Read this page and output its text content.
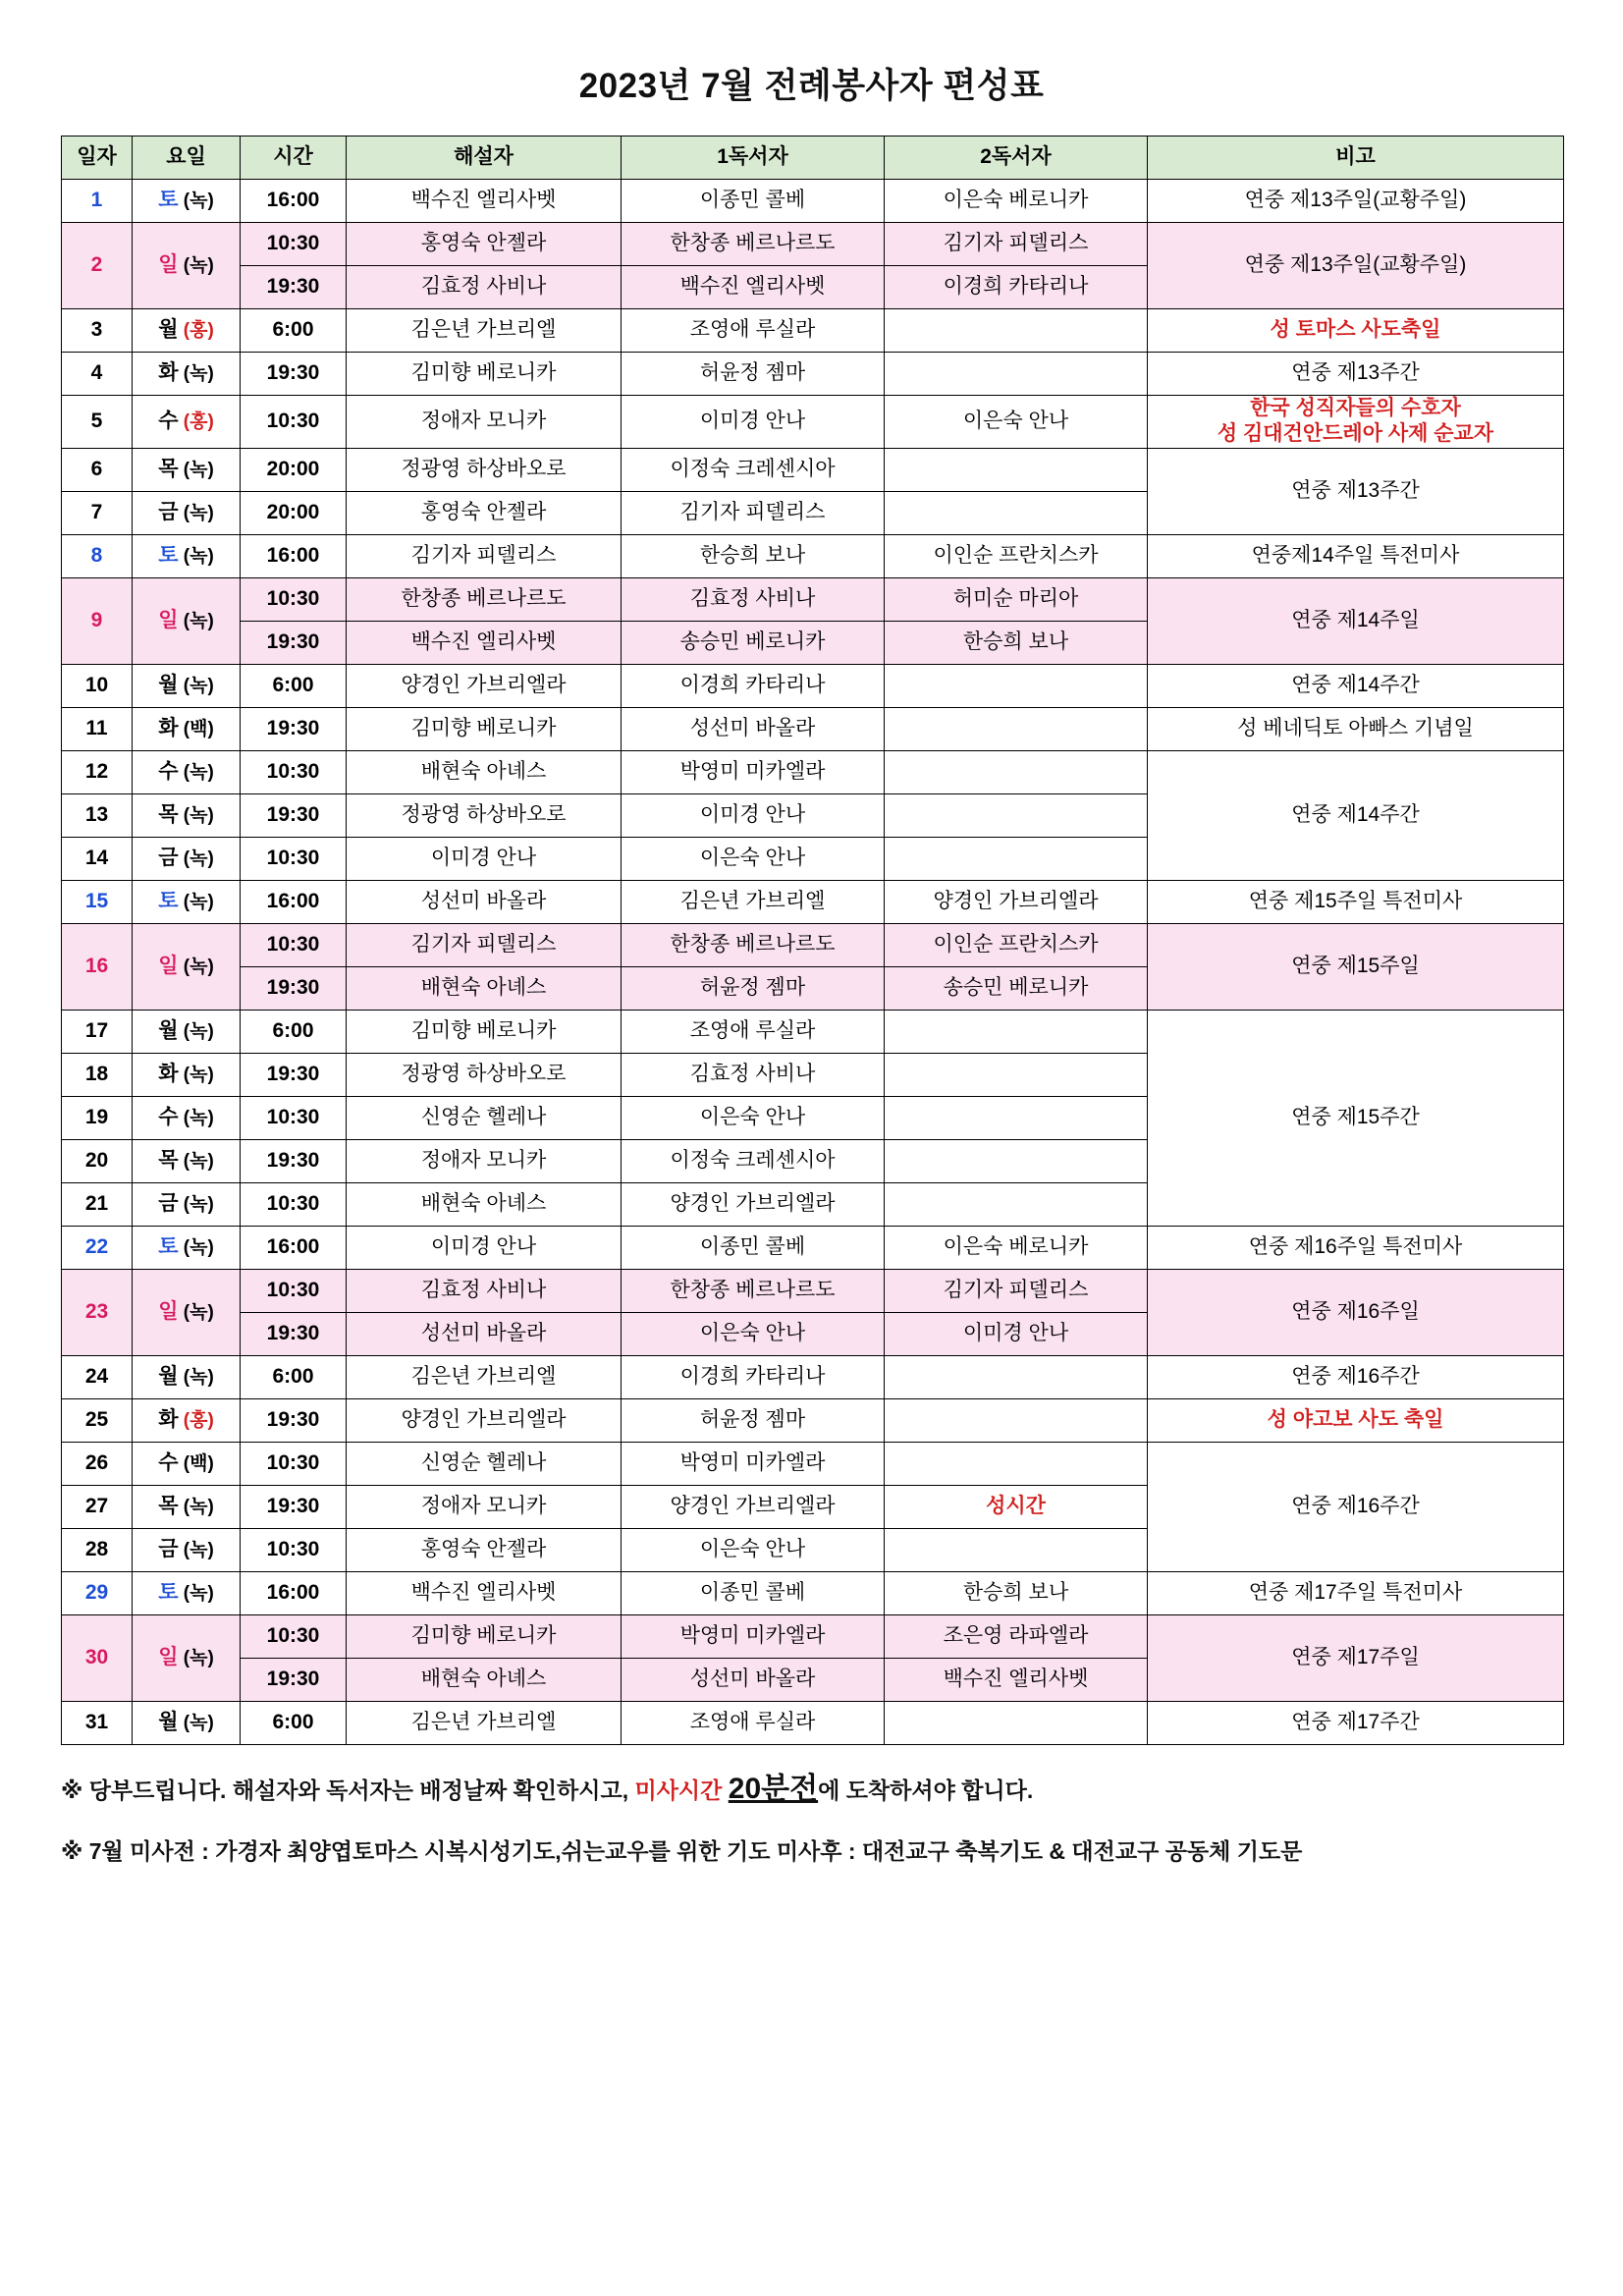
2023년 7월 전례봉사자 편성표
일자	요일	시간	해설자	1독서자	2독서자	비고
1	토 (녹)	16:00	백수진 엘리사벳	이종민 콜베	이은숙 베로니카	연중 제13주일(교황주일)
2	일 (녹)	10:30	홍영숙 안젤라	한창종 베르나르도	김기자 피델리스	연중 제13주일(교황주일)
		19:30	김효정 사비나	백수진 엘리사벳	이경희 카타리나	
3	월 (홍)	6:00	김은년 가브리엘	조영애 루실라		성 토마스 사도축일
4	화 (녹)	19:30	김미향 베로니카	허윤정 젬마		연중 제13주간
5	수 (홍)	10:30	정애자 모니카	이미경 안나	이은숙 안나	한국 성직자들의 수호자
성 김대건안드레아 사제 순교자

6	목 (녹)	20:00	정광영 하상바오로	이정숙 크레센시아		연중 제13주간
7	금 (녹)	20:00	홍영숙 안젤라	김기자 피델리스		
8	토 (녹)	16:00	김기자 피델리스	한승희 보나	이인순 프란치스카	연중제14주일 특전미사
9	일 (녹)	10:30	한창종 베르나르도	김효정 사비나	허미순 마리아	연중 제14주일
		19:30	백수진 엘리사벳	송승민 베로니카	한승희 보나	
10	월 (녹)	6:00	양경인 가브리엘라	이경희 카타리나		연중 제14주간
11	화 (백)	19:30	김미향 베로니카	성선미 바올라		성 베네딕토 아빠스 기념일
12	수 (녹)	10:30	배현숙 아녜스	박영미 미카엘라		연중 제14주간
13	목 (녹)	19:30	정광영 하상바오로	이미경 안나		
14	금 (녹)	10:30	이미경 안나	이은숙 안나		
15	토 (녹)	16:00	성선미 바올라	김은년 가브리엘	양경인 가브리엘라	연중 제15주일 특전미사
16	일 (녹)	10:30	김기자 피델리스	한창종 베르나르도	이인순 프란치스카	연중 제15주일
		19:30	배현숙 아녜스	허윤정 젬마	송승민 베로니카	
17	월 (녹)	6:00	김미향 베로니카	조영애 루실라		연중 제15주간
18	화 (녹)	19:30	정광영 하상바오로	김효정 사비나		
19	수 (녹)	10:30	신영순 헬레나	이은숙 안나		
20	목 (녹)	19:30	정애자 모니카	이정숙 크레센시아		
21	금 (녹)	10:30	배현숙 아녜스	양경인 가브리엘라		
22	토 (녹)	16:00	이미경 안나	이종민 콜베	이은숙 베로니카	연중 제16주일 특전미사
23	일 (녹)	10:30	김효정 사비나	한창종 베르나르도	김기자 피델리스	연중 제16주일
		19:30	성선미 바올라	이은숙 안나	이미경 안나	
24	월 (녹)	6:00	김은년 가브리엘	이경희 카타리나		연중 제16주간
25	화 (홍)	19:30	양경인 가브리엘라	허윤정 젬마		성 야고보 사도 축일
26	수 (백)	10:30	신영순 헬레나	박영미 미카엘라		연중 제16주간
27	목 (녹)	19:30	정애자 모니카	양경인 가브리엘라	성시간	
28	금 (녹)	10:30	홍영숙 안젤라	이은숙 안나		
29	토 (녹)	16:00	백수진 엘리사벳	이종민 콜베	한승희 보나	연중 제17주일 특전미사
30	일 (녹)	10:30	김미향 베로니카	박영미 미카엘라	조은영 라파엘라	연중 제17주일
		19:30	배현숙 아녜스	성선미 바올라	백수진 엘리사벳	
31	월 (녹)	6:00	김은년 가브리엘	조영애 루실라		연중 제17주간
※ 당부드립니다. 해설자와 독서자는 배정날짜 확인하시고, 미사시간 20분전에 도착하셔야 합니다.
※ 7월 미사전 : 가경자 최양엽토마스 시복시성기도,쉬는교우를 위한 기도 미사후 : 대전교구 축복기도 & 대전교구 공동체 기도문
